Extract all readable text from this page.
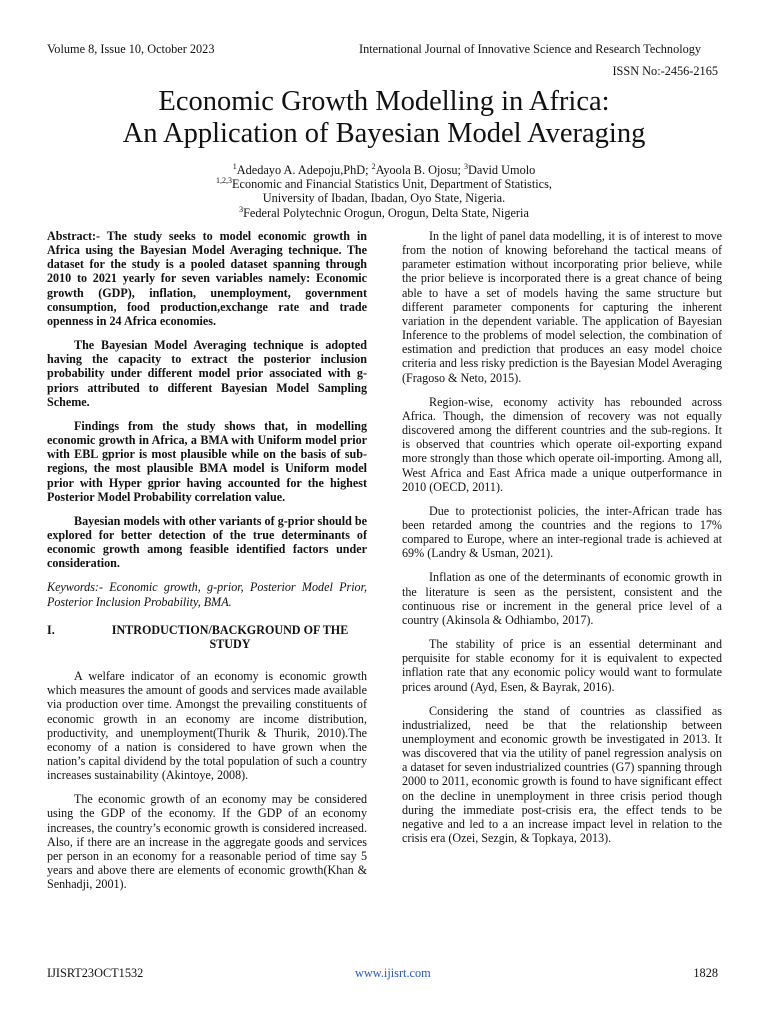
Volume 8, Issue 10, October 2023	International Journal of Innovative Science and Research Technology
ISSN No:-2456-2165
Economic Growth Modelling in Africa:
An Application of Bayesian Model Averaging
$^1$Adedayo A. Adepoju,PhD; $^2$Ayoola B. Ojosu; $^3$David Umolo
$^{1,2,3}$Economic and Financial Statistics Unit, Department of Statistics,
University of Ibadan, Ibadan, Oyo State, Nigeria.
$^3$Federal Polytechnic Orogun, Orogun, Delta State, Nigeria

Abstract:- The study seeks to model economic growth in Africa using the Bayesian Model Averaging technique. The dataset for the study is a pooled dataset spanning through 2010 to 2021 yearly for seven variables namely: Economic growth (GDP), inflation, unemployment, government consumption, food production,exchange rate and trade openness in 24 Africa economies.

The Bayesian Model Averaging technique is adopted having the capacity to extract the posterior inclusion probability under different model prior associated with g-priors attributed to different Bayesian Model Sampling Scheme.

Findings from the study shows that, in modelling economic growth in Africa, a BMA with Uniform model prior with EBL gprior is most plausible while on the basis of sub-regions, the most plausible BMA model is Uniform model prior with Hyper gprior having accounted for the highest Posterior Model Probability correlation value.

Bayesian models with other variants of g-prior should be explored for better detection of the true determinants of economic growth among feasible identified factors under consideration.

Keywords:- Economic growth, g-prior, Posterior Model Prior, Posterior Inclusion Probability, BMA.

I.	INTRODUCTION/BACKGROUND OF THE STUDY

A welfare indicator of an economy is economic growth which measures the amount of goods and services made available via production over time. Amongst the prevailing constituents of economic growth in an economy are income distribution, productivity, and unemployment(Thurik & Thurik, 2010).The economy of a nation is considered to have grown when the nation’s capital dividend by the total population of such a country increases sustainability (Akintoye, 2008).

The economic growth of an economy may be considered using the GDP of the economy. If the GDP of an economy increases, the country’s economic growth is considered increased. Also, if there are an increase in the aggregate goods and services per person in an economy for a reasonable period of time say 5 years and above there are elements of economic growth(Khan & Senhadji, 2001).

In the light of panel data modelling, it is of interest to move from the notion of knowing beforehand the tactical means of parameter estimation without incorporating prior believe, while the prior believe is incorporated there is a great chance of being able to have a set of models having the same structure but different parameter components for capturing the inherent variation in the dependent variable. The application of Bayesian Inference to the problems of model selection, the combination of estimation and prediction that produces an easy model choice criteria and less risky prediction is the Bayesian Model Averaging (Fragoso & Neto, 2015).

Region-wise, economy activity has rebounded across Africa. Though, the dimension of recovery was not equally discovered among the different countries and the sub-regions. It is observed that countries which operate oil-exporting expand more strongly than those which operate oil-importing. Among all, West Africa and East Africa made a unique outperformance in 2010 (OECD, 2011).

Due to protectionist policies, the inter-African trade has been retarded among the countries and the regions to 17% compared to Europe, where an inter-regional trade is achieved at 69% (Landry & Usman, 2021).

Inflation as one of the determinants of economic growth in the literature is seen as the persistent, consistent and the continuous rise or increment in the general price level of a country (Akinsola & Odhiambo, 2017).

The stability of price is an essential determinant and perquisite for stable economy for it is equivalent to expected inflation rate that any economic policy would want to formulate prices around (Ayd, Esen, & Bayrak, 2016).

Considering the stand of countries as classified as industrialized, need be that the relationship between unemployment and economic growth be investigated in 2013. It was discovered that via the utility of panel regression analysis on a dataset for seven industrialized countries (G7) spanning through 2000 to 2011, economic growth is found to have significant effect on the decline in unemployment in three crisis period though during the immediate post-crisis era, the effect tends to be negative and led to a an increase impact level in relation to the crisis era (Ozei, Sezgin, & Topkaya, 2013).

IJISRT23OCT1532	www.ijisrt.com	1828
